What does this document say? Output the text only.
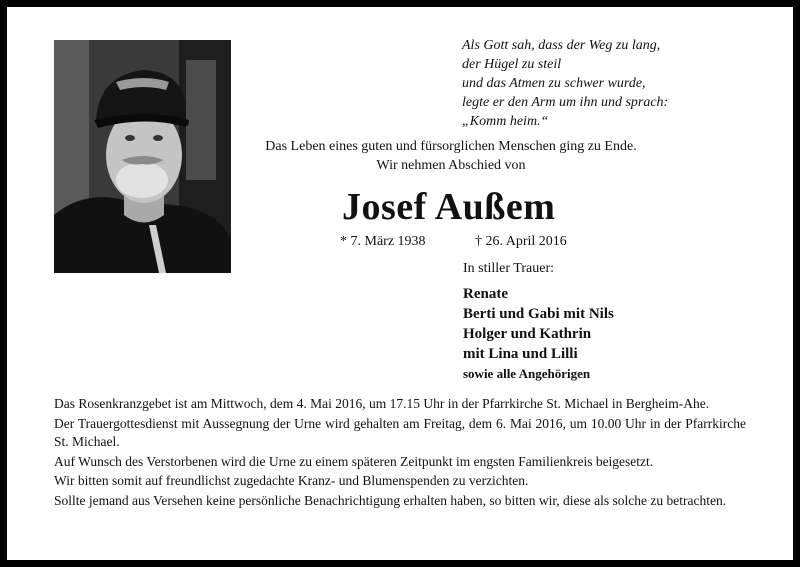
Als Gott sah, dass der Weg zu lang,
der Hügel zu steil
und das Atmen zu schwer wurde,
legte er den Arm um ihn und sprach:
„Komm heim.“
Das Leben eines guten und fürsorglichen Menschen ging zu Ende.
Wir nehmen Abschied von
Josef Außem
* 7. März 1938	† 26. April 2016
In stiller Trauer:
Renate
Berti und Gabi mit Nils
Holger und Kathrin
mit Lina und Lilli
sowie alle Angehörigen

Das Rosenkranzgebet ist am Mittwoch, dem 4. Mai 2016, um 17.15 Uhr in der Pfarrkirche St. Michael in Bergheim-Ahe.

Der Trauergottesdienst mit Aussegnung der Urne wird gehalten am Freitag, dem 6. Mai 2016, um 10.00 Uhr in der Pfarrkirche St. Michael.

Auf Wunsch des Verstorbenen wird die Urne zu einem späteren Zeitpunkt im engsten Familienkreis beigesetzt.

Wir bitten somit auf freundlichst zugedachte Kranz- und Blumenspenden zu verzichten.

Sollte jemand aus Versehen keine persönliche Benachrichtigung erhalten haben, so bitten wir, diese als solche zu betrachten.
